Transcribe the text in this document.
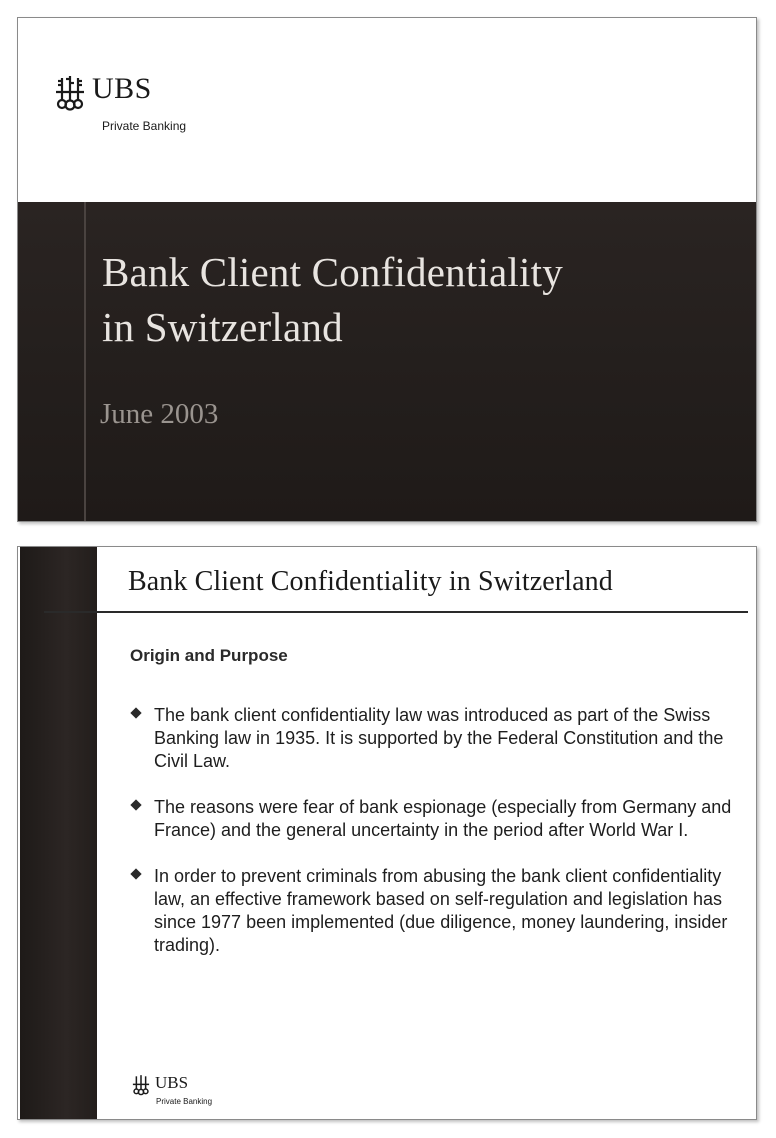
UBS
Private Banking
Bank Client Confidentiality
in Switzerland
June 2003
Bank Client Confidentiality in Switzerland
Origin and Purpose
The bank client confidentiality law was introduced as part of the Swiss Banking law in 1935. It is supported by the Federal Constitution and the Civil Law.
The reasons were fear of bank espionage (especially from Germany and France) and the general uncertainty in the period after World War I.
In order to prevent criminals from abusing the bank client confidentiality law, an effective framework based on self-regulation and legislation has since 1977 been implemented (due diligence, money laundering, insider trading).
UBS
Private Banking
